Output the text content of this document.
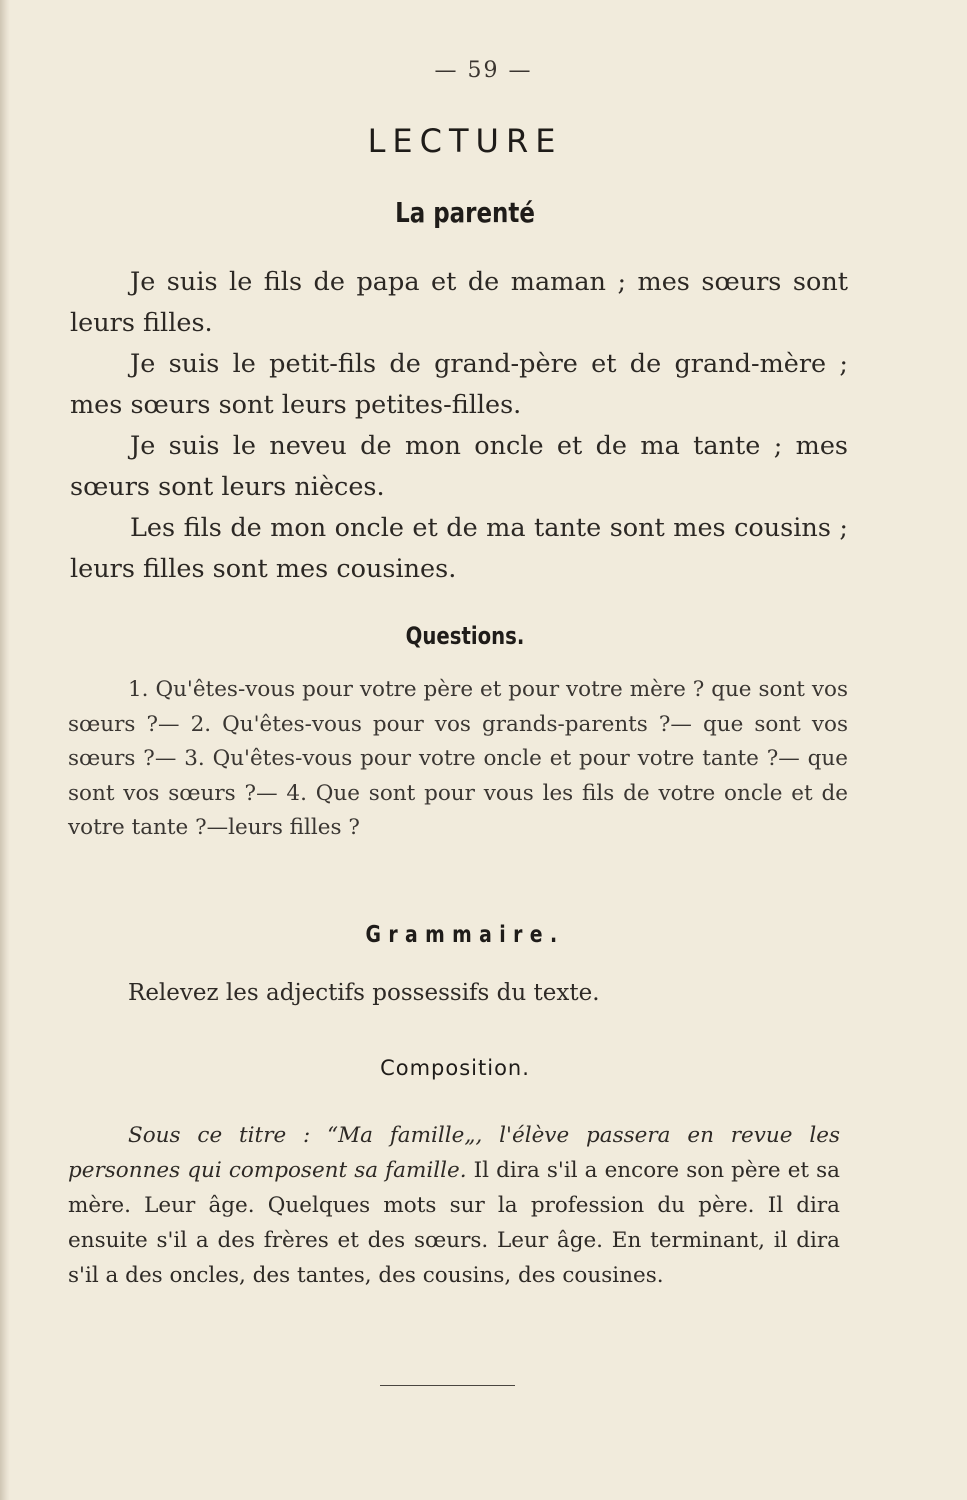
— 59 —
LECTURE
La parenté

Je suis le fils de papa et de maman ; mes sœurs sont leurs filles.

Je suis le petit-fils de grand-père et de grand-mère ; mes sœurs sont leurs petites-filles.

Je suis le neveu de mon oncle et de ma tante ; mes sœurs sont leurs nièces.

Les fils de mon oncle et de ma tante sont mes cousins ; leurs filles sont mes cousines.

Questions.

1. Qu'êtes-vous pour votre père et pour votre mère ? que sont vos sœurs ?— 2. Qu'êtes-vous pour vos grands-parents ?— que sont vos sœurs ?— 3. Qu'êtes-vous pour votre oncle et pour votre tante ?— que sont vos sœurs ?— 4. Que sont pour vous les fils de votre oncle et de votre tante ?—leurs filles ?

Grammaire.
Relevez les adjectifs possessifs du texte.
Composition.

Sous ce titre : “Ma famille„, l'élève passera en revue les personnes qui composent sa famille. Il dira s'il a encore son père et sa mère. Leur âge. Quelques mots sur la profession du père. Il dira ensuite s'il a des frères et des sœurs. Leur âge. En terminant, il dira s'il a des oncles, des tantes, des cousins, des cousines.
